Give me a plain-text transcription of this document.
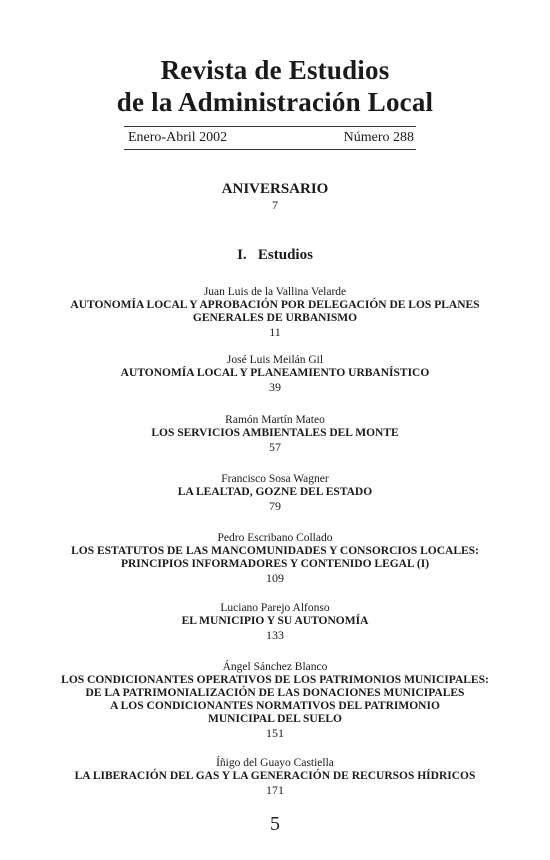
Revista de Estudios
de la Administración Local
Enero-Abril 2002	Número 288
ANIVERSARIO
7
I.   Estudios
Juan Luis de la Vallina Velarde
AUTONOMÍA LOCAL Y APROBACIÓN POR DELEGACIÓN DE LOS PLANES
GENERALES DE URBANISMO
11
José Luis Meilán Gil
AUTONOMÍA LOCAL Y PLANEAMIENTO URBANÍSTICO
39
Ramón Martín Mateo
LOS SERVICIOS AMBIENTALES DEL MONTE
57
Francisco Sosa Wagner
LA LEALTAD, GOZNE DEL ESTADO
79
Pedro Escribano Collado
LOS ESTATUTOS DE LAS MANCOMUNIDADES Y CONSORCIOS LOCALES:
PRINCIPIOS INFORMADORES Y CONTENIDO LEGAL (I)
109
Luciano Parejo Alfonso
EL MUNICIPIO Y SU AUTONOMÍA
133
Ángel Sánchez Blanco
LOS CONDICIONANTES OPERATIVOS DE LOS PATRIMONIOS MUNICIPALES:
DE LA PATRIMONIALIZACIÓN DE LAS DONACIONES MUNICIPALES
A LOS CONDICIONANTES NORMATIVOS DEL PATRIMONIO
MUNICIPAL DEL SUELO
151
Íñigo del Guayo Castiella
LA LIBERACIÓN DEL GAS Y LA GENERACIÓN DE RECURSOS HÍDRICOS
171
5
